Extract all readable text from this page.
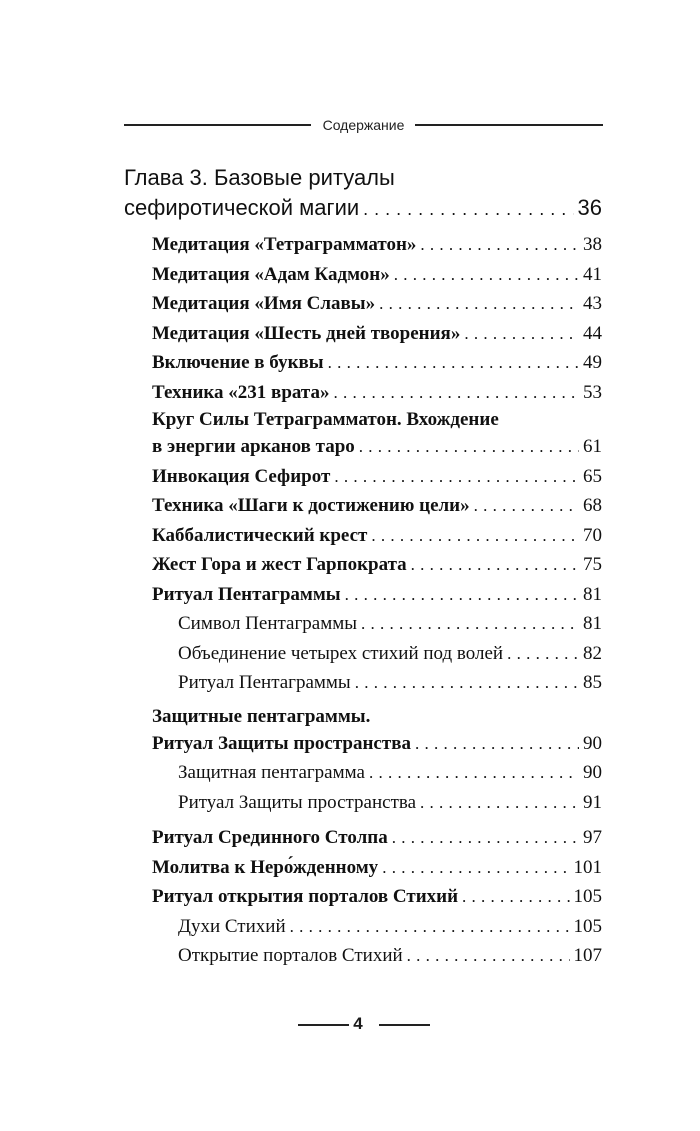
Содержание
Глава 3. Базовые ритуалы
сефиротической магии . . .	36
Медитация «Тетраграмматон» . . .	38
Медитация «Адам Кадмон» . . .	41
Медитация «Имя Славы» . . .	43
Медитация «Шесть дней творения» . . .	44
Включение в буквы . . .	49
Техника «231 врата» . . .	53
Круг Силы Тетраграмматон. Вхождение
в энергии арканов таро . . .	61
Инвокация Сефирот . . .	65
Техника «Шаги к достижению цели» . . .	68
Каббалистический крест . . .	70
Жест Гора и жест Гарпократа . . .	75
Ритуал Пентаграммы . . .	81
Символ Пентаграммы . . .	81
Объединение четырех стихий под волей . . .	82
Ритуал Пентаграммы . . .	85
Защитные пентаграммы.
Ритуал Защиты пространства . . .	90
Защитная пентаграмма . . .	90
Ритуал Защиты пространства . . .	91
Ритуал Срединного Столпа . . .	97
Молитва к Неро́жденному . . .	101
Ритуал открытия порталов Стихий . . .	105
Духи Стихий . . .	105
Открытие порталов Стихий . . .	107
4
